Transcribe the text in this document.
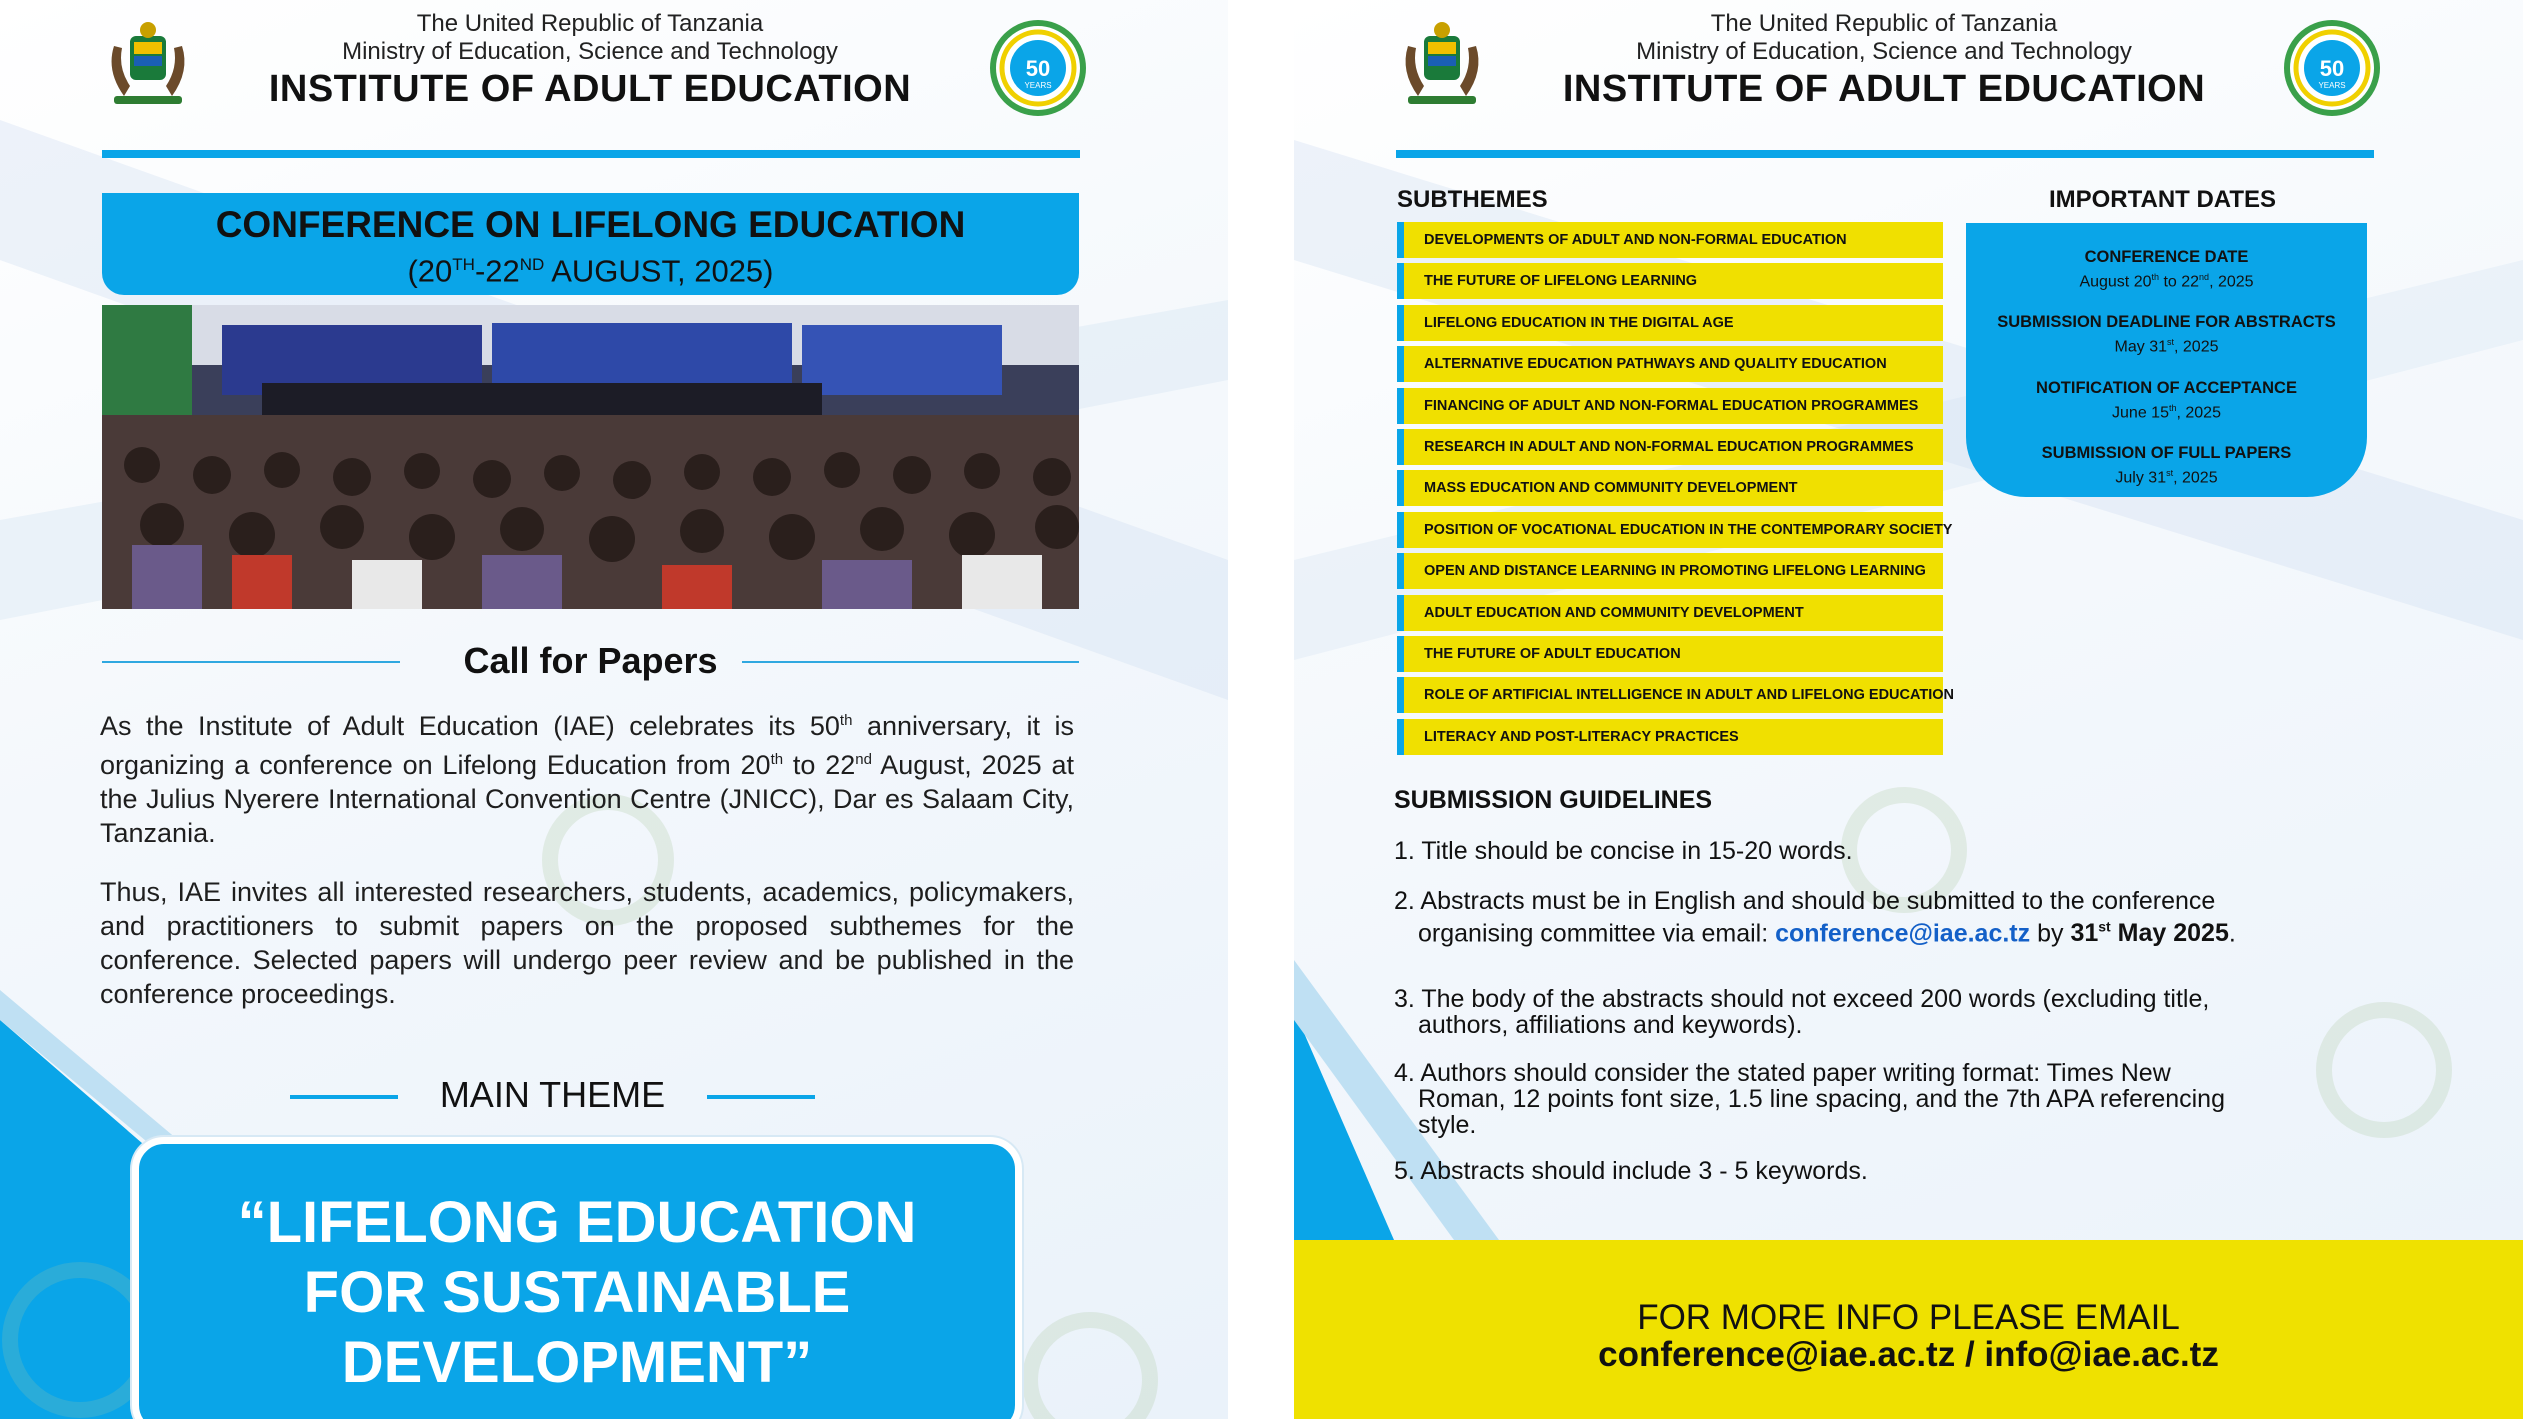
The United Republic of Tanzania
Ministry of Education, Science and Technology
INSTITUTE OF ADULT EDUCATION	50
YEARS
CONFERENCE ON LIFELONG EDUCATION
(20TH-22ND AUGUST, 2025)
Call for Papers
As the Institute of Adult Education (IAE) celebrates its 50th anniversary, it is organizing a conference on Lifelong Education from 20th to 22nd August, 2025 at the Julius Nyerere International Convention Centre (JNICC), Dar es Salaam City, Tanzania.
Thus, IAE invites all interested researchers, students, academics, policymakers, and practitioners to submit papers on the proposed subthemes for the conference. Selected papers will undergo peer review and be published in the conference proceedings.
MAIN THEME
“LIFELONG EDUCATION
FOR SUSTAINABLE
DEVELOPMENT”
The United Republic of Tanzania
Ministry of Education, Science and Technology
INSTITUTE OF ADULT EDUCATION	50
YEARS
SUBTHEMES
DEVELOPMENTS OF ADULT AND NON-FORMAL EDUCATION
THE FUTURE OF LIFELONG LEARNING
LIFELONG EDUCATION IN THE DIGITAL AGE
ALTERNATIVE EDUCATION PATHWAYS AND QUALITY EDUCATION
FINANCING OF ADULT AND NON-FORMAL EDUCATION PROGRAMMES
RESEARCH IN ADULT AND NON-FORMAL EDUCATION PROGRAMMES
MASS EDUCATION AND COMMUNITY DEVELOPMENT
POSITION OF VOCATIONAL EDUCATION IN THE CONTEMPORARY SOCIETY
OPEN AND DISTANCE LEARNING IN PROMOTING LIFELONG LEARNING
ADULT EDUCATION AND COMMUNITY DEVELOPMENT
THE FUTURE OF ADULT EDUCATION
ROLE OF ARTIFICIAL INTELLIGENCE IN ADULT AND LIFELONG EDUCATION
LITERACY AND POST-LITERACY PRACTICES
IMPORTANT DATES
CONFERENCE DATE
August 20th to 22nd, 2025
SUBMISSION DEADLINE FOR ABSTRACTS
May 31st, 2025
NOTIFICATION OF ACCEPTANCE
June 15th, 2025
SUBMISSION OF FULL PAPERS
July 31st, 2025
SUBMISSION GUIDELINES
1. Title should be concise in 15-20 words.
2. Abstracts must be in English and should be submitted to the conference
organising committee via email: conference@iae.ac.tz by 31st May 2025.
3. The body of the abstracts should not exceed 200 words (excluding title,
authors, affiliations and keywords).
4. Authors should consider the stated paper writing format: Times New
Roman, 12 points font size, 1.5 line spacing, and the 7th APA referencing
style.
5. Abstracts should include 3 - 5 keywords.
FOR MORE INFO PLEASE EMAIL
conference@iae.ac.tz / info@iae.ac.tz
